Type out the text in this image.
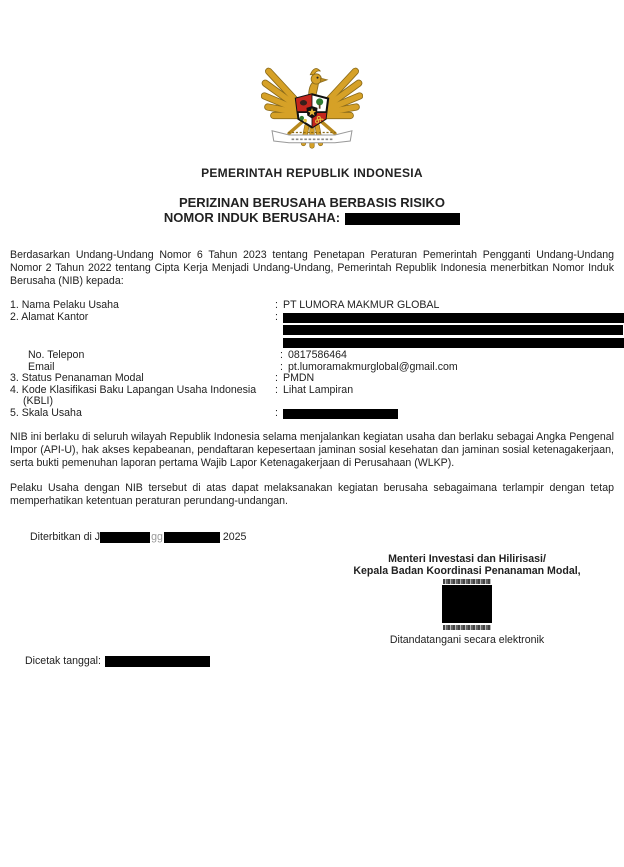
PEMERINTAH REPUBLIK INDONESIA
PERIZINAN BERUSAHA BERBASIS RISIKO
NOMOR INDUK BERUSAHA:
Berdasarkan Undang-Undang Nomor 6 Tahun 2023 tentang Penetapan Peraturan Pemerintah Pengganti Undang-Undang Nomor 2 Tahun 2022 tentang Cipta Kerja Menjadi Undang-Undang, Pemerintah Republik Indonesia menerbitkan Nomor Induk Berusaha (NIB) kepada:
1. Nama Pelaku Usaha	: PT LUMORA MAKMUR GLOBAL
2. Alamat Kantor	:
No. Telepon	: 0817586464
Email	: pt.lumoramakmurglobal@gmail.com
3. Status Penanaman Modal	: PMDN
4. Kode Klasifikasi Baku Lapangan Usaha Indonesia (KBLI)
: Lihat Lampiran
5. Skala Usaha	:
NIB ini berlaku di seluruh wilayah Republik Indonesia selama menjalankan kegiatan usaha dan berlaku sebagai Angka Pengenal Impor (API-U), hak akses kepabeanan, pendaftaran kepesertaan jaminan sosial kesehatan dan jaminan sosial ketenagakerjaan, serta bukti pemenuhan laporan pertama Wajib Lapor Ketenagakerjaan di Perusahaan (WLKP).
Pelaku Usaha dengan NIB tersebut di atas dapat melaksanakan kegiatan berusaha sebagaimana terlampir dengan tetap memperhatikan ketentuan peraturan perundang-undangan.
Diterbitkan di J	gg	2025
Menteri Investasi dan Hilirisasi/
Kepala Badan Koordinasi Penanaman Modal,
Ditandatangani secara elektronik
Dicetak tanggal:
